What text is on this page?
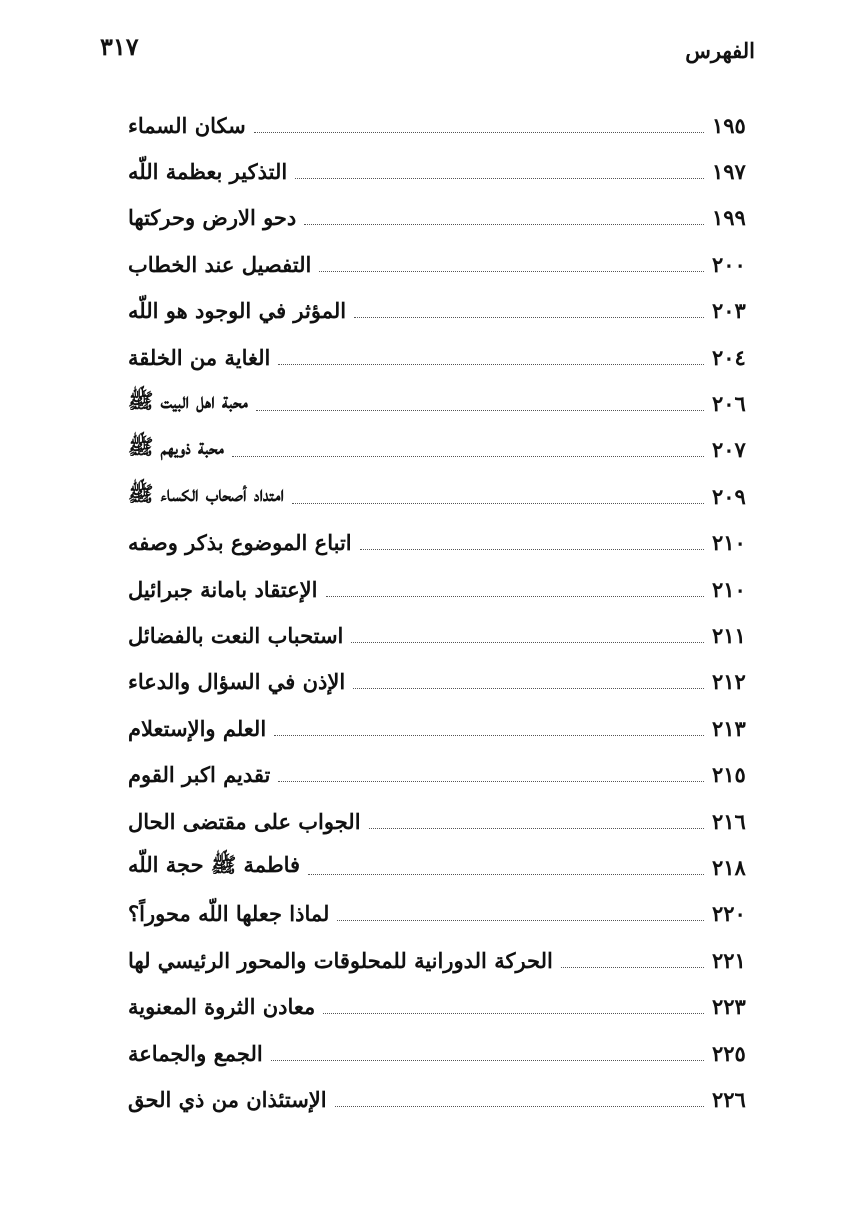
الفهرس
٣١٧
سكان السماء	١٩٥
التذكير بعظمة اللّه	١٩٧
دحو الارض وحركتها	١٩٩
التفصيل عند الخطاب	٢٠٠
المؤثر في الوجود هو اللّه	٢٠٣
الغاية من الخلقة	٢٠٤
محبة اهل البيت ﷺ	٢٠٦
محبة ذويهم ﷺ	٢٠٧
امتداد أصحاب الكساء ﷺ	٢٠٩
اتباع الموضوع بذكر وصفه	٢١٠
الإعتقاد بامانة جبرائيل	٢١٠
استحباب النعت بالفضائل	٢١١
الإذن في السؤال والدعاء	٢١٢
العلم والإستعلام	٢١٣
تقديم اكبر القوم	٢١٥
الجواب على مقتضى الحال	٢١٦
فاطمة ﷺ حجة اللّه	٢١٨
لماذا جعلها اللّه محوراً؟	٢٢٠
الحركة الدورانية للمحلوقات والمحور الرئيسي لها	٢٢١
معادن الثروة المعنوية	٢٢٣
الجمع والجماعة	٢٢٥
الإستئذان من ذي الحق	٢٢٦
